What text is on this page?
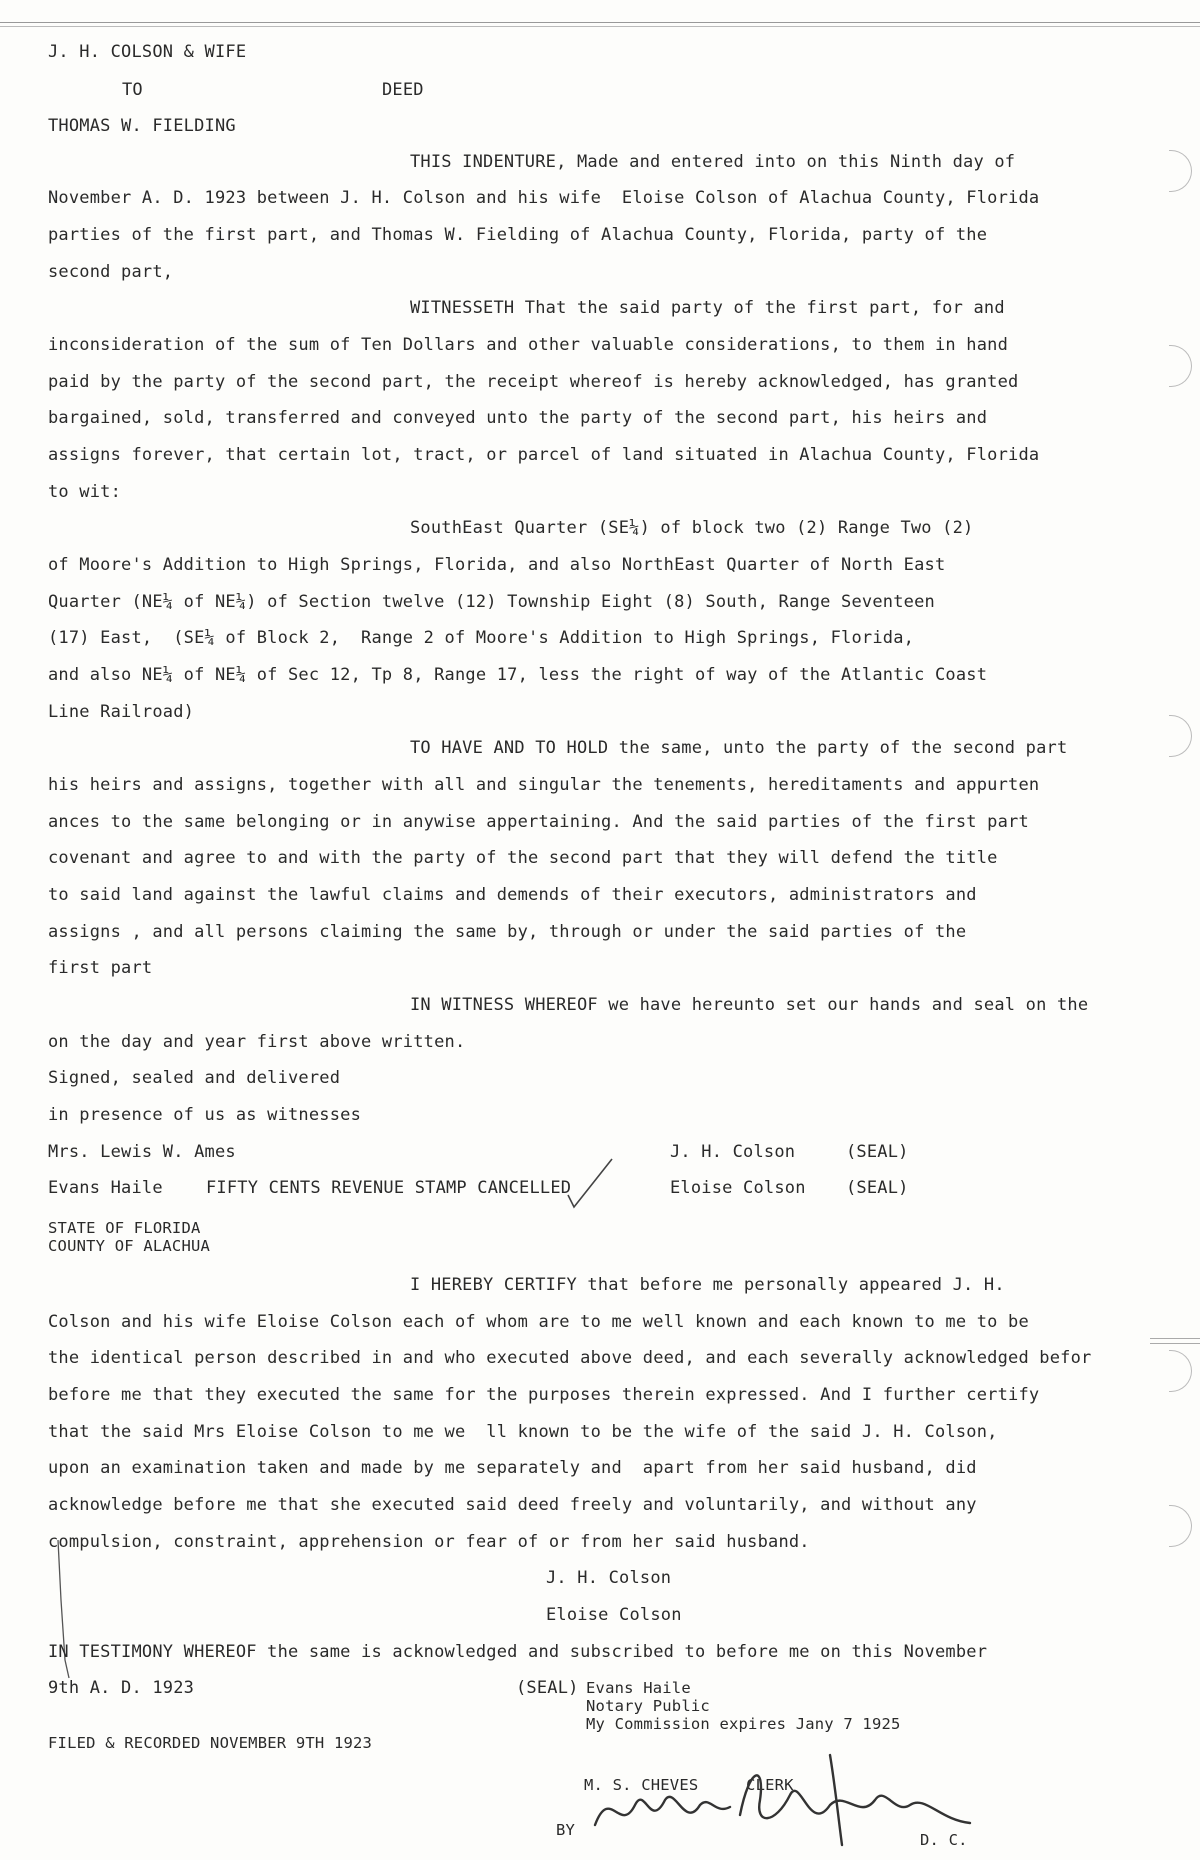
J. H. COLSON & WIFE
TO	DEED
THOMAS W. FIELDING
THIS INDENTURE, Made and entered into on this Ninth day of
November A. D. 1923 between J. H. Colson and his wife  Eloise Colson of Alachua County, Florida
parties of the first part, and Thomas W. Fielding of Alachua County, Florida, party of the
second part,
WITNESSETH That the said party of the first part, for and
inconsideration of the sum of Ten Dollars and other valuable considerations, to them in hand
paid by the party of the second part, the receipt whereof is hereby acknowledged, has granted
bargained, sold, transferred and conveyed unto the party of the second part, his heirs and
assigns forever, that certain lot, tract, or parcel of land situated in Alachua County, Florida
to wit:
SouthEast Quarter (SE¼) of block two (2) Range Two (2)
of Moore's Addition to High Springs, Florida, and also NorthEast Quarter of North East
Quarter (NE¼ of NE¼) of Section twelve (12) Township Eight (8) South, Range Seventeen
(17) East,  (SE¼ of Block 2,  Range 2 of Moore's Addition to High Springs, Florida,
and also NE¼ of NE¼ of Sec 12, Tp 8, Range 17, less the right of way of the Atlantic Coast
Line Railroad)
TO HAVE AND TO HOLD the same, unto the party of the second part
his heirs and assigns, together with all and singular the tenements, hereditaments and appurten
ances to the same belonging or in anywise appertaining. And the said parties of the first part
covenant and agree to and with the party of the second part that they will defend the title
to said land against the lawful claims and demends of their executors, administrators and
assigns , and all persons claiming the same by, through or under the said parties of the
first part
IN WITNESS WHEREOF we have hereunto set our hands and seal on the
on the day and year first above written.
Signed, sealed and delivered
in presence of us as witnesses
Mrs. Lewis W. Ames	J. H. Colson	(SEAL)
Evans Haile	FIFTY CENTS REVENUE STAMP CANCELLED	Eloise Colson (SEAL)
STATE OF FLORIDA
COUNTY OF ALACHUA
I HEREBY CERTIFY that before me personally appeared J. H.
Colson and his wife Eloise Colson each of whom are to me well known and each known to me to be
the identical person described in and who executed above deed, and each severally acknowledged befor
before me that they executed the same for the purposes therein expressed. And I further certify
that the said Mrs Eloise Colson to me we  ll known to be the wife of the said J. H. Colson,
upon an examination taken and made by me separately and  apart from her said husband, did
acknowledge before me that she executed said deed freely and voluntarily, and without any
compulsion, constraint, apprehension or fear of or from her said husband.
J. H. Colson
Eloise Colson
IN TESTIMONY WHEREOF the same is acknowledged and subscribed to before me on this November
9th A. D. 1923	(SEAL) Evans Haile
Notary Public
My Commission expires Jany 7 1925
FILED & RECORDED NOVEMBER 9TH 1923
M. S. CHEVES     CLERK
BY
D. C.
